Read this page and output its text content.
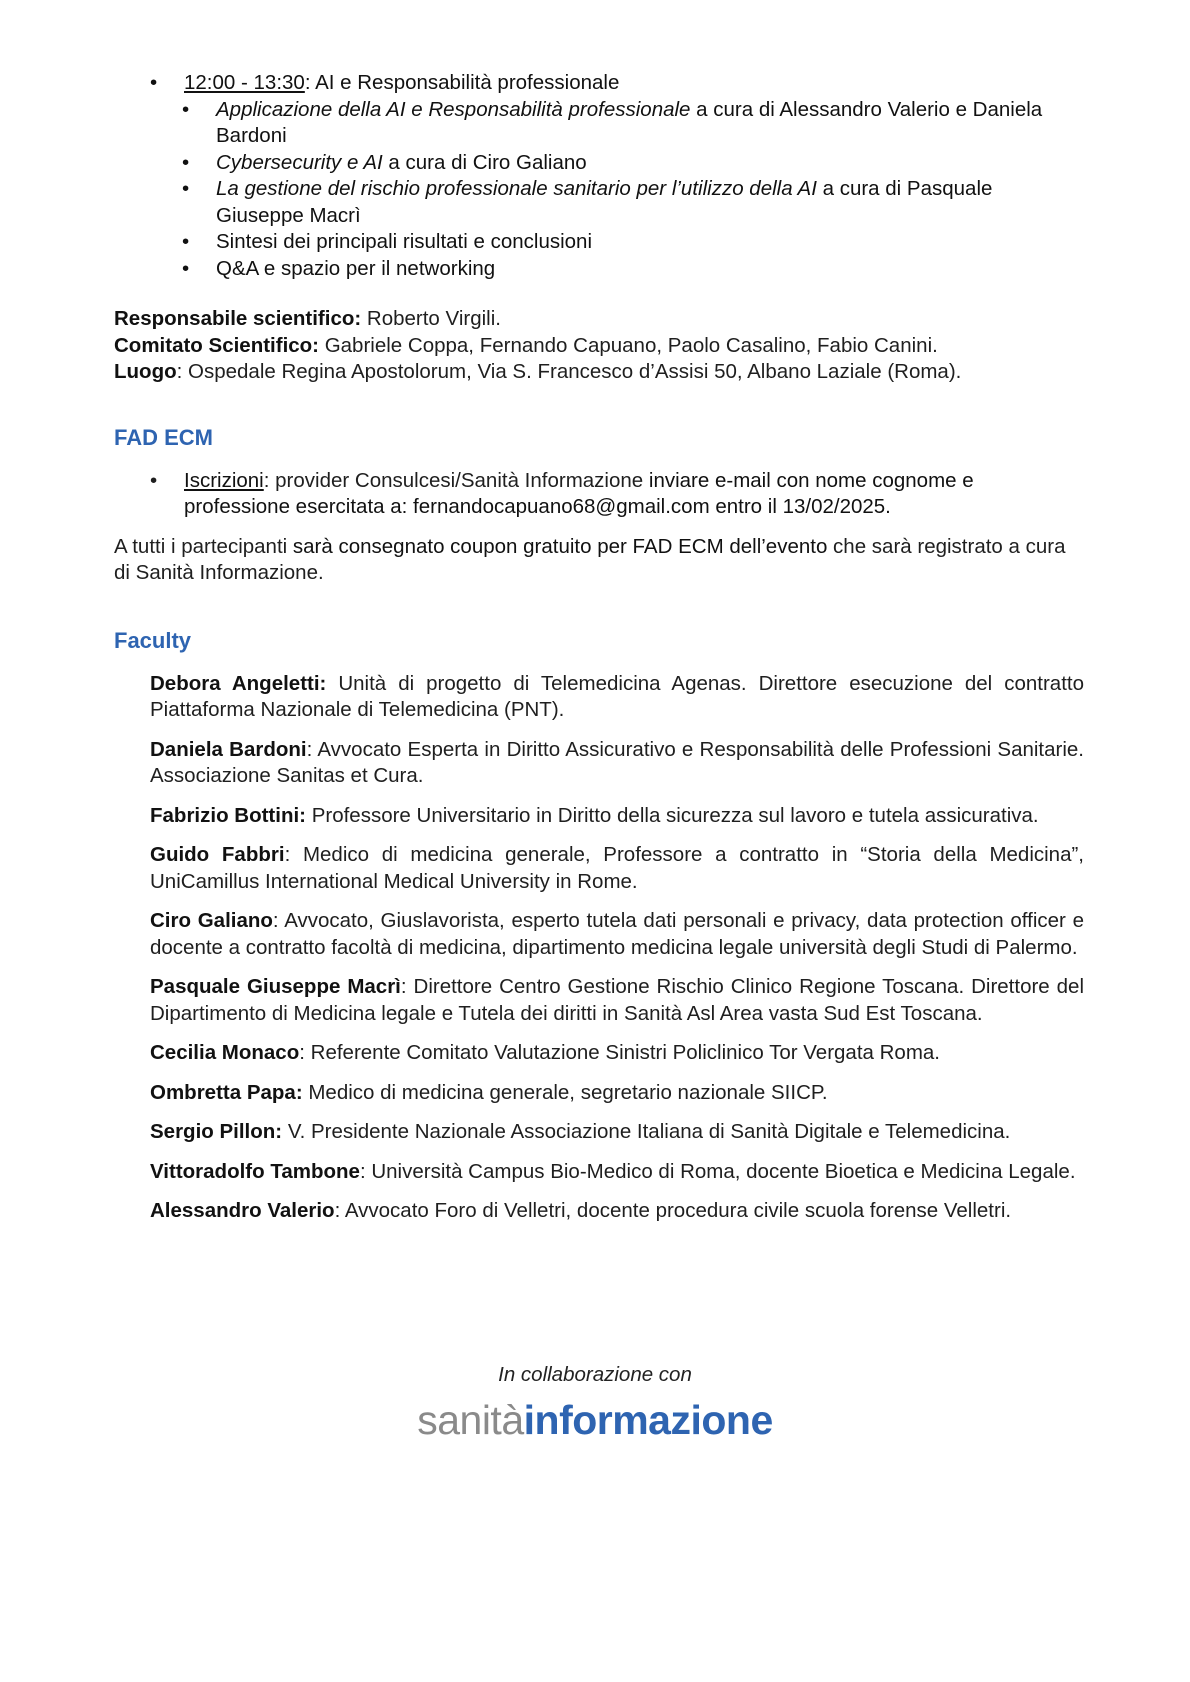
• 12:00 - 13:30: AI e Responsabilità professionale
• Applicazione della AI e Responsabilità professionale a cura di Alessandro Valerio e Daniela Bardoni
• Cybersecurity e AI a cura di Ciro Galiano
• La gestione del rischio professionale sanitario per l’utilizzo della AI a cura di Pasquale Giuseppe Macrì
• Sintesi dei principali risultati e conclusioni
• Q&A e spazio per il networking
Responsabile scientifico: Roberto Virgili.
Comitato Scientifico: Gabriele Coppa, Fernando Capuano, Paolo Casalino, Fabio Canini.
Luogo: Ospedale Regina Apostolorum, Via S. Francesco d’Assisi 50, Albano Laziale (Roma).
FAD ECM
• Iscrizioni: provider Consulcesi/Sanità Informazione inviare e-mail con nome cognome e professione esercitata a: fernandocapuano68@gmail.com entro il 13/02/2025.
A tutti i partecipanti sarà consegnato coupon gratuito per FAD ECM dell’evento che sarà registrato a cura di Sanità Informazione.
Faculty

Debora Angeletti: Unità di progetto di Telemedicina Agenas. Direttore esecuzione del contratto Piattaforma Nazionale di Telemedicina (PNT).

Daniela Bardoni: Avvocato Esperta in Diritto Assicurativo e Responsabilità delle Professioni Sanitarie. Associazione Sanitas et Cura.

Fabrizio Bottini: Professore Universitario in Diritto della sicurezza sul lavoro e tutela assicurativa.

Guido Fabbri: Medico di medicina generale, Professore a contratto in “Storia della Medicina”, UniCamillus International Medical University in Rome.

Ciro Galiano: Avvocato, Giuslavorista, esperto tutela dati personali e privacy, data protection officer e docente a contratto facoltà di medicina, dipartimento medicina legale università degli Studi di Palermo.

Pasquale Giuseppe Macrì: Direttore Centro Gestione Rischio Clinico Regione Toscana. Direttore del Dipartimento di Medicina legale e Tutela dei diritti in Sanità Asl Area vasta Sud Est Toscana.

Cecilia Monaco: Referente Comitato Valutazione Sinistri Policlinico Tor Vergata Roma.

Ombretta Papa: Medico di medicina generale, segretario nazionale SIICP.

Sergio Pillon: V. Presidente Nazionale Associazione Italiana di Sanità Digitale e Telemedicina.

Vittoradolfo Tambone: Università Campus Bio-Medico di Roma, docente Bioetica e Medicina Legale.

Alessandro Valerio: Avvocato Foro di Velletri, docente procedura civile scuola forense Velletri.

In collaborazione con
sanitàinformazione
